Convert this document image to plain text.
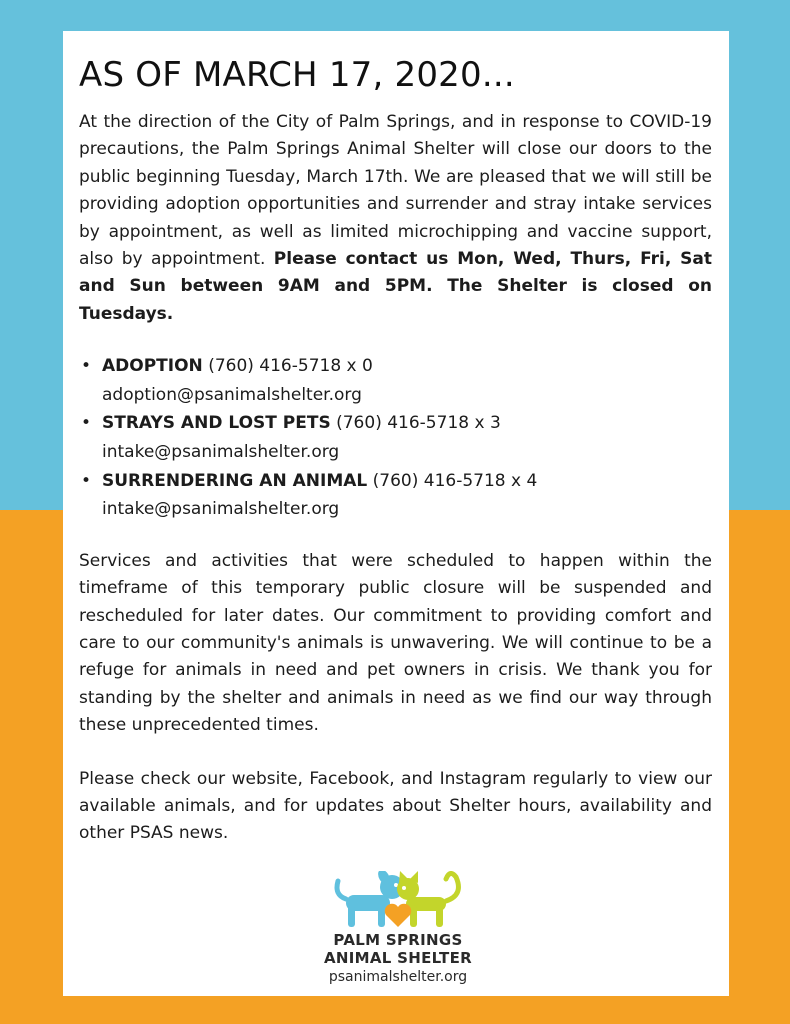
AS OF MARCH 17, 2020...

At the direction of the City of Palm Springs, and in response to COVID-19 precautions, the Palm Springs Animal Shelter will close our doors to the public beginning Tuesday, March 17th. We are pleased that we will still be providing adoption opportunities and surrender and stray intake services by appointment, as well as limited microchipping and vaccine support, also by appointment. Please contact us Mon, Wed, Thurs, Fri, Sat and Sun between 9AM and 5PM. The Shelter is closed on Tuesdays.

• ADOPTION (760) 416-5718 x 0
adoption@psanimalshelter.org
• STRAYS AND LOST PETS (760) 416-5718 x 3
intake@psanimalshelter.org
• SURRENDERING AN ANIMAL (760) 416-5718 x 4
intake@psanimalshelter.org

Services and activities that were scheduled to happen within the timeframe of this temporary public closure will be suspended and rescheduled for later dates. Our commitment to providing comfort and care to our community's animals is unwavering. We will continue to be a refuge for animals in need and pet owners in crisis. We thank you for standing by the shelter and animals in need as we find our way through these unprecedented times.

Please check our website, Facebook, and Instagram regularly to view our available animals, and for updates about Shelter hours, availability and other PSAS news.

PALM SPRINGS
ANIMAL SHELTER
psanimalshelter.org
